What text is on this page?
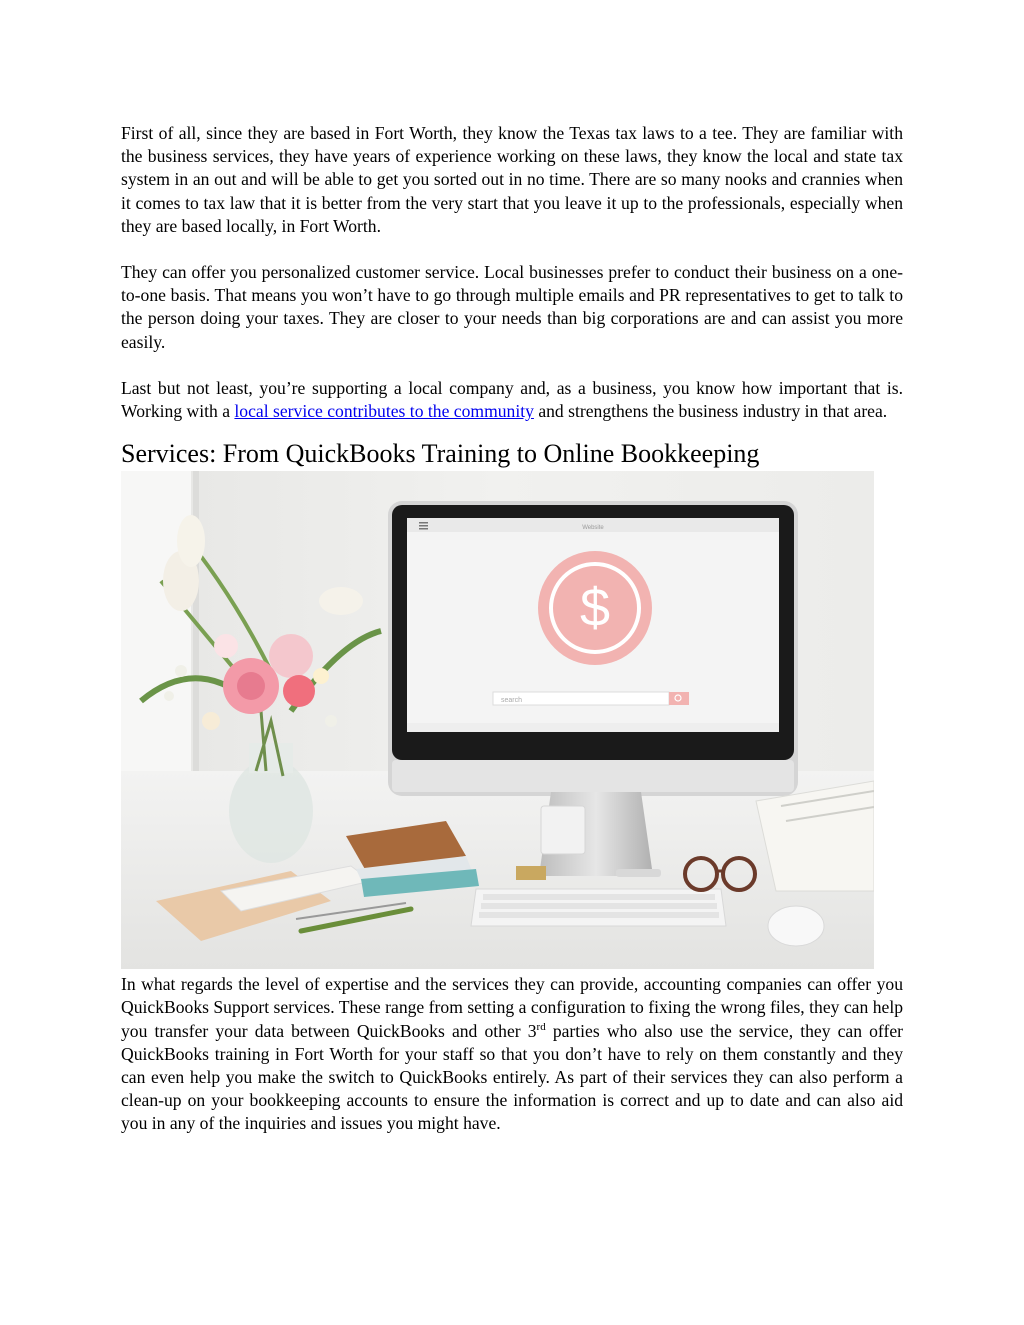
First of all, since they are based in Fort Worth, they know the Texas tax laws to a tee. They are familiar with the business services, they have years of experience working on these laws, they know the local and state tax system in an out and will be able to get you sorted out in no time. There are so many nooks and crannies when it comes to tax law that it is better from the very start that you leave it up to the professionals, especially when they are based locally, in Fort Worth.

They can offer you personalized customer service. Local businesses prefer to conduct their business on a one-to-one basis. That means you won’t have to go through multiple emails and PR representatives to get to talk to the person doing your taxes. They are closer to your needs than big corporations are and can assist you more easily.

Last but not least, you’re supporting a local company and, as a business, you know how important that is. Working with a local service contributes to the community and strengthens the business industry in that area.

Services: From QuickBooks Training to Online Bookkeeping
Website
$
search

In what regards the level of expertise and the services they can provide, accounting companies can offer you QuickBooks Support services. These range from setting a configuration to fixing the wrong files, they can help you transfer your data between QuickBooks and other 3rd parties who also use the service, they can offer QuickBooks training in Fort Worth for your staff so that you don’t have to rely on them constantly and they can even help you make the switch to QuickBooks entirely. As part of their services they can also perform a clean-up on your bookkeeping accounts to ensure the information is correct and up to date and can also aid you in any of the inquiries and issues you might have.
